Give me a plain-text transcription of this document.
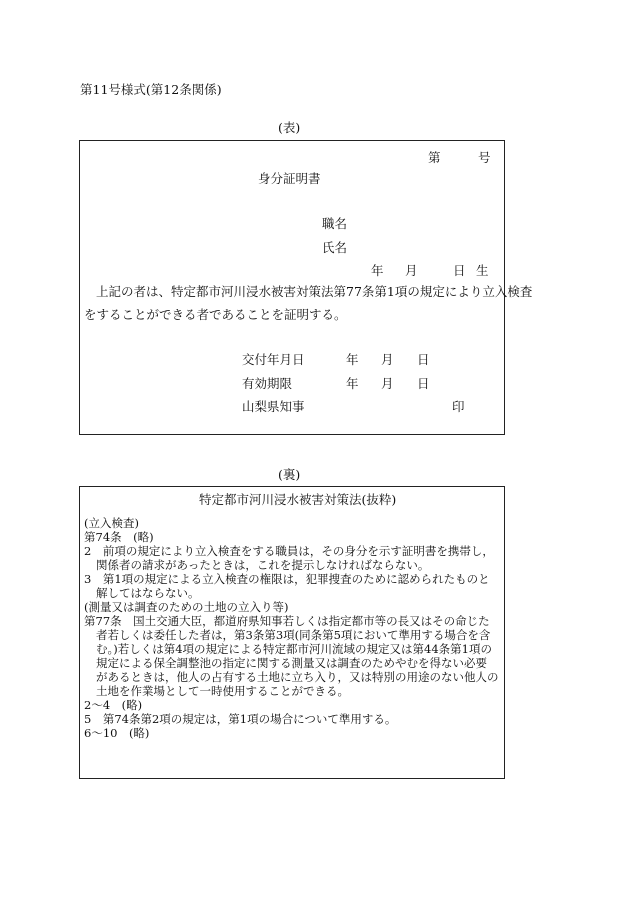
第11号様式(第12条関係)
(表)
第	号
身分証明書
職名
氏名
年 月	日 生
上記の者は、特定都市河川浸水被害対策法第77条第1項の規定により立入検査
をすることができる者であることを証明する。
交付年月日	年 月 日
有効期限	年 月 日
山梨県知事	印
(裏)
特定都市河川浸水被害対策法(抜粋)

(立入検査)

第74条　(略)

2　前項の規定により立入検査をする職員は，その身分を示す証明書を携帯し，

関係者の請求があったときは，これを提示しなければならない。

3　第1項の規定による立入検査の権限は，犯罪捜査のために認められたものと

解してはならない。

(測量又は調査のための土地の立入り等)

第77条　国土交通大臣，都道府県知事若しくは指定都市等の長又はその命じた

者若しくは委任した者は，第3条第3項(同条第5項において準用する場合を含

む。)若しくは第4項の規定による特定都市河川流域の規定又は第44条第1項の

規定による保全調整池の指定に関する測量又は調査のためやむを得ない必要

があるときは，他人の占有する土地に立ち入り，又は特別の用途のない他人の

土地を作業場として一時使用することができる。

2〜4　(略)

5　第74条第2項の規定は，第1項の場合について準用する。

6〜10　(略)
